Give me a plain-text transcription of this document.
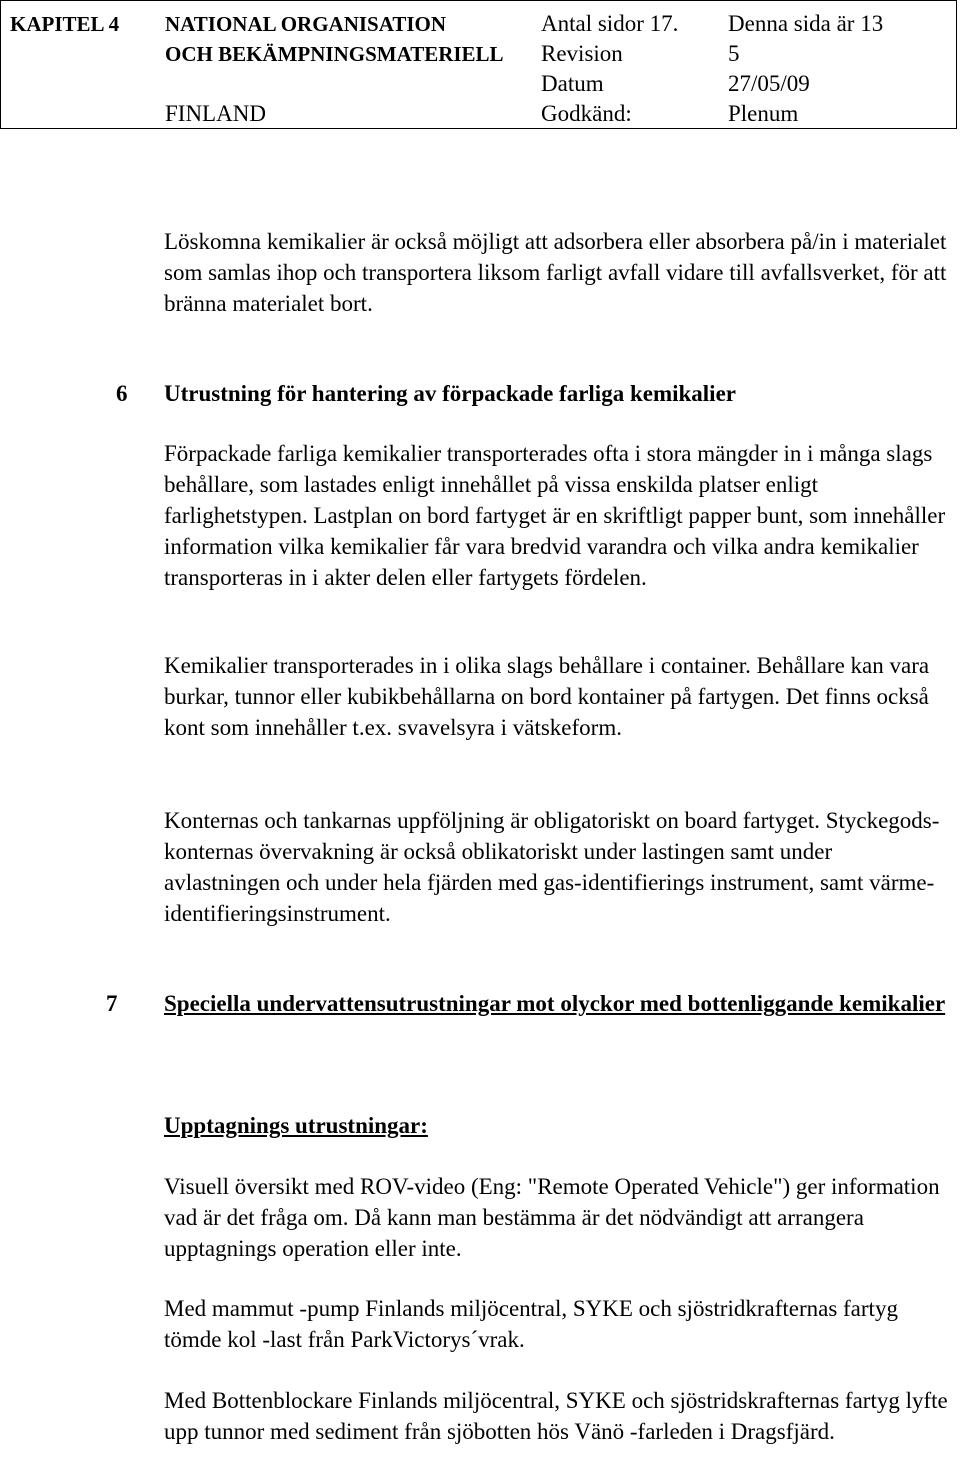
KAPITEL 4 NATIONAL ORGANISATION
OCH BEKÄMPNINGSMATERIELL
FINLAND
Antal sidor 17.
Revision
Datum
Godkänd:
Denna sida är 13
5
27/05/09
Plenum

Löskomna kemikalier är också möjligt att adsorbera eller absorbera på/in i materialet som samlas ihop och transportera liksom farligt avfall vidare till avfallsverket, för att bränna materialet bort.

6 Utrustning för hantering av förpackade farliga kemikalier

Förpackade farliga kemikalier transporterades ofta i stora mängder in i många slags behållare, som lastades enligt innehållet på vissa enskilda platser enligt farlighetstypen. Lastplan on bord fartyget är en skriftligt papper bunt, som innehåller information vilka kemikalier får vara bredvid varandra och vilka andra kemikalier transporteras in i akter delen eller fartygets fördelen.

Kemikalier transporterades in i olika slags behållare i container. Behållare kan vara burkar, tunnor eller kubikbehållarna on bord kontainer på fartygen. Det finns också kont som innehåller t.ex. svavelsyra i vätskeform.

Konternas och tankarnas uppföljning är obligatoriskt on board fartyget. Styckegods- konternas övervakning är också oblikatoriskt under lastingen samt under avlastningen och under hela fjärden med gas-identifierings instrument, samt värme- identifieringsinstrument.

7 Speciella undervattensutrustningar mot olyckor med bottenliggande kemikalier
Upptagnings utrustningar:

Visuell översikt med ROV-video (Eng: "Remote Operated Vehicle") ger information vad är det fråga om. Då kann man bestämma är det nödvändigt att arrangera upptagnings operation eller inte.

Med mammut -pump Finlands miljöcentral, SYKE och sjöstridkrafternas fartyg tömde kol -last från ParkVictorys´vrak.

Med Bottenblockare Finlands miljöcentral, SYKE och sjöstridskrafternas fartyg lyfte upp tunnor med sediment från sjöbotten hös Vänö -farleden i Dragsfjärd.
